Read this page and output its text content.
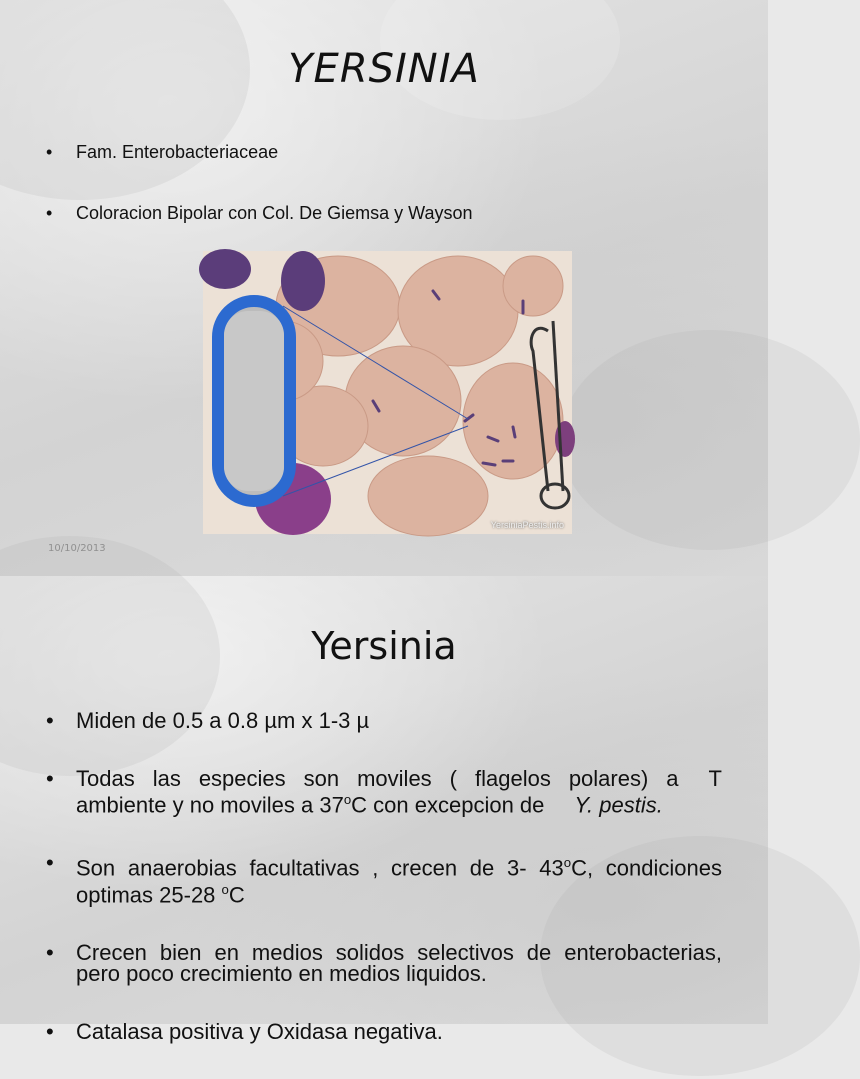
YERSINIA
• Fam. Enterobacteriaceae
• Coloracion Bipolar con Col. De Giemsa y Wayson
YersiniaPestis.info
10/10/2013
Yersinia
• Miden de 0.5 a 0.8 µm x 1-3 µ
• Todas las especies son moviles ( flagelos polares) a T ambiente y no moviles a 37$^o$C con excepcion de Y. pestis.
• Son anaerobias facultativas , crecen de 3- 43$^o$C, condiciones optimas 25-28 $^o$C
• Crecen bien en medios solidos selectivos de enterobacterias, pero poco crecimiento en medios liquidos.
• Catalasa positiva y Oxidasa negativa.
